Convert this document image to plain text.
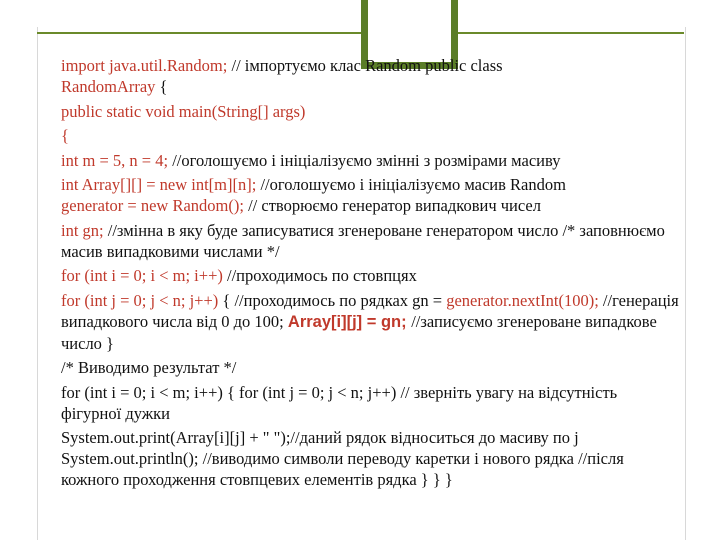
import java.util.Random; // імпортуємо клас Random public class
RandomArray {

public static void main(String[] args)

{

int m = 5, n = 4; //оголошуємо і ініціалізуємо змінні з розмірами масиву

int Array[][] = new int[m][n]; //оголошуємо і ініціалізуємо масив Random
generator = new Random(); // створюємо генератор випадкович чисел

int gn; //змінна в яку буде записуватися згенероване генератором число /* заповнюємо масив випадковими числами */

for (int i = 0; i < m; i++) //проходимось по стовпцях

for (int j = 0; j < n; j++) { //проходимось по рядках gn = generator.nextInt(100); //генерація випадкового числа від 0 до 100; Array[i][j] = gn; //записуємо згенероване випадкове число }

/* Виводимо результат */

for (int i = 0; i < m; i++) { for (int j = 0; j < n; j++) // зверніть увагу на відсутність фігурної дужки

System.out.print(Array[i][j] + " ");//даний рядок відноситься до масиву по j System.out.println(); //виводимо символи переводу каретки і нового рядка //після кожного проходження стовпцевих елементів рядка } } }
